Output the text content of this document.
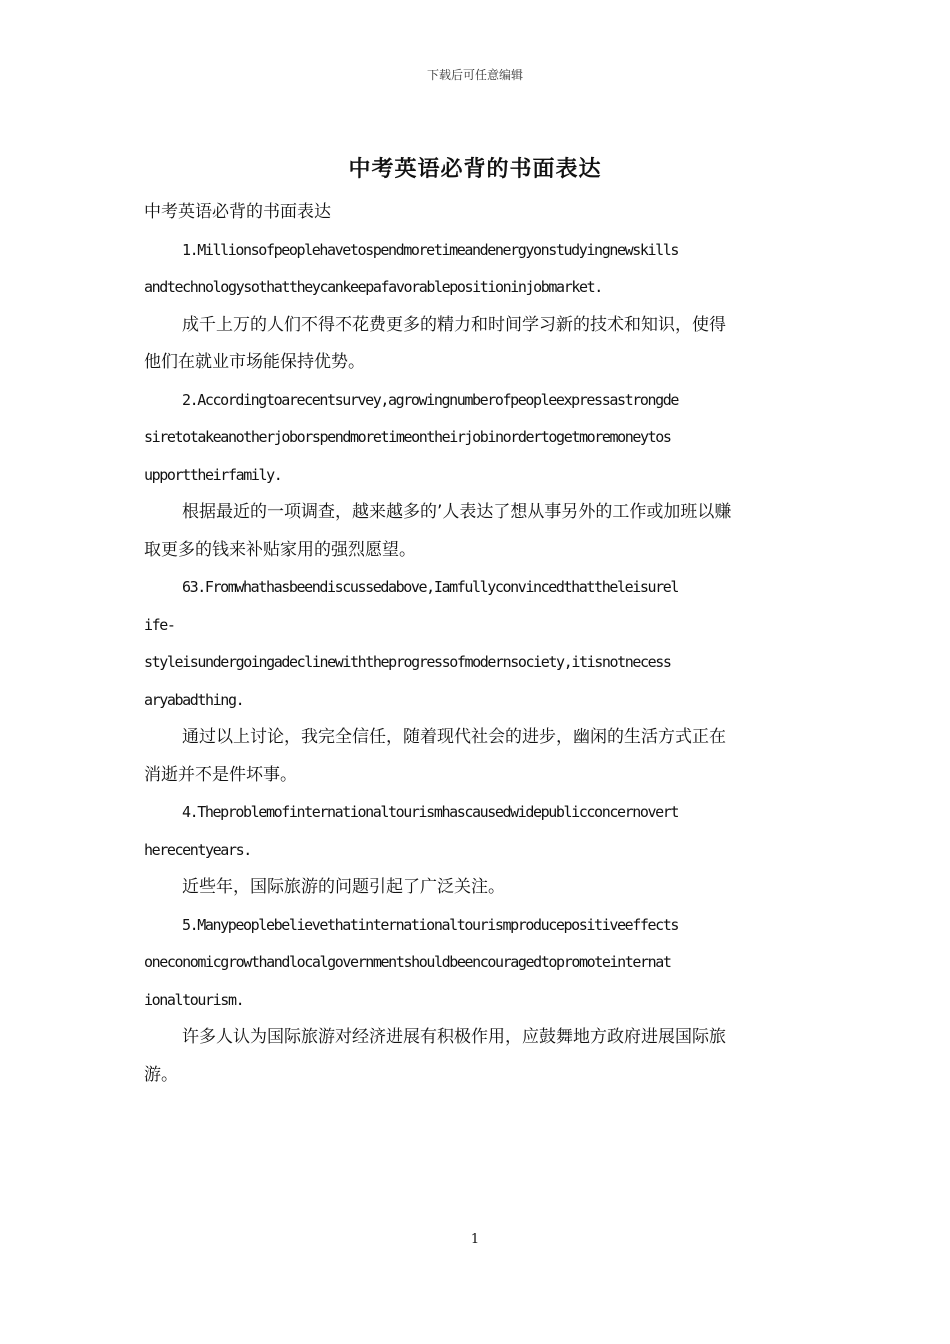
下载后可任意编辑
中考英语必背的书面表达
中考英语必背的书面表达
1.Millionsofpeoplehavetospendmoretimeandenergyonstudyingnewskills
andtechnologysothattheycankeepafavorablepositioninjobmarket.
成千上万的人们不得不花费更多的精力和时间学习新的技术和知识，使得
他们在就业市场能保持优势。
2.Accordingtoarecentsurvey,agrowingnumberofpeopleexpressastrongde
siretotakeanotherjoborspendmoretimeontheirjobinordertogetmoremoneytos
upporttheirfamily.
根据最近的一项调查，越来越多的’人表达了想从事另外的工作或加班以赚
取更多的钱来补贴家用的强烈愿望。
63.Fromwhathasbeendiscussedabove,Iamfullyconvincedthattheleisurel
ife-
styleisundergoingadeclinewiththeprogressofmodernsociety,itisnotnecess
aryabadthing.
通过以上讨论，我完全信任，随着现代社会的进步，幽闲的生活方式正在
消逝并不是件坏事。
4.Theproblemofinternationaltourismhascausedwidepublicconcernovert
herecentyears.
近些年，国际旅游的问题引起了广泛关注。
5.Manypeoplebelievethatinternationaltourismproducepositiveeffects
oneconomicgrowthandlocalgovernmentshouldbeencouragedtopromoteinternat
ionaltourism.
许多人认为国际旅游对经济进展有积极作用，应鼓舞地方政府进展国际旅
游。
1
